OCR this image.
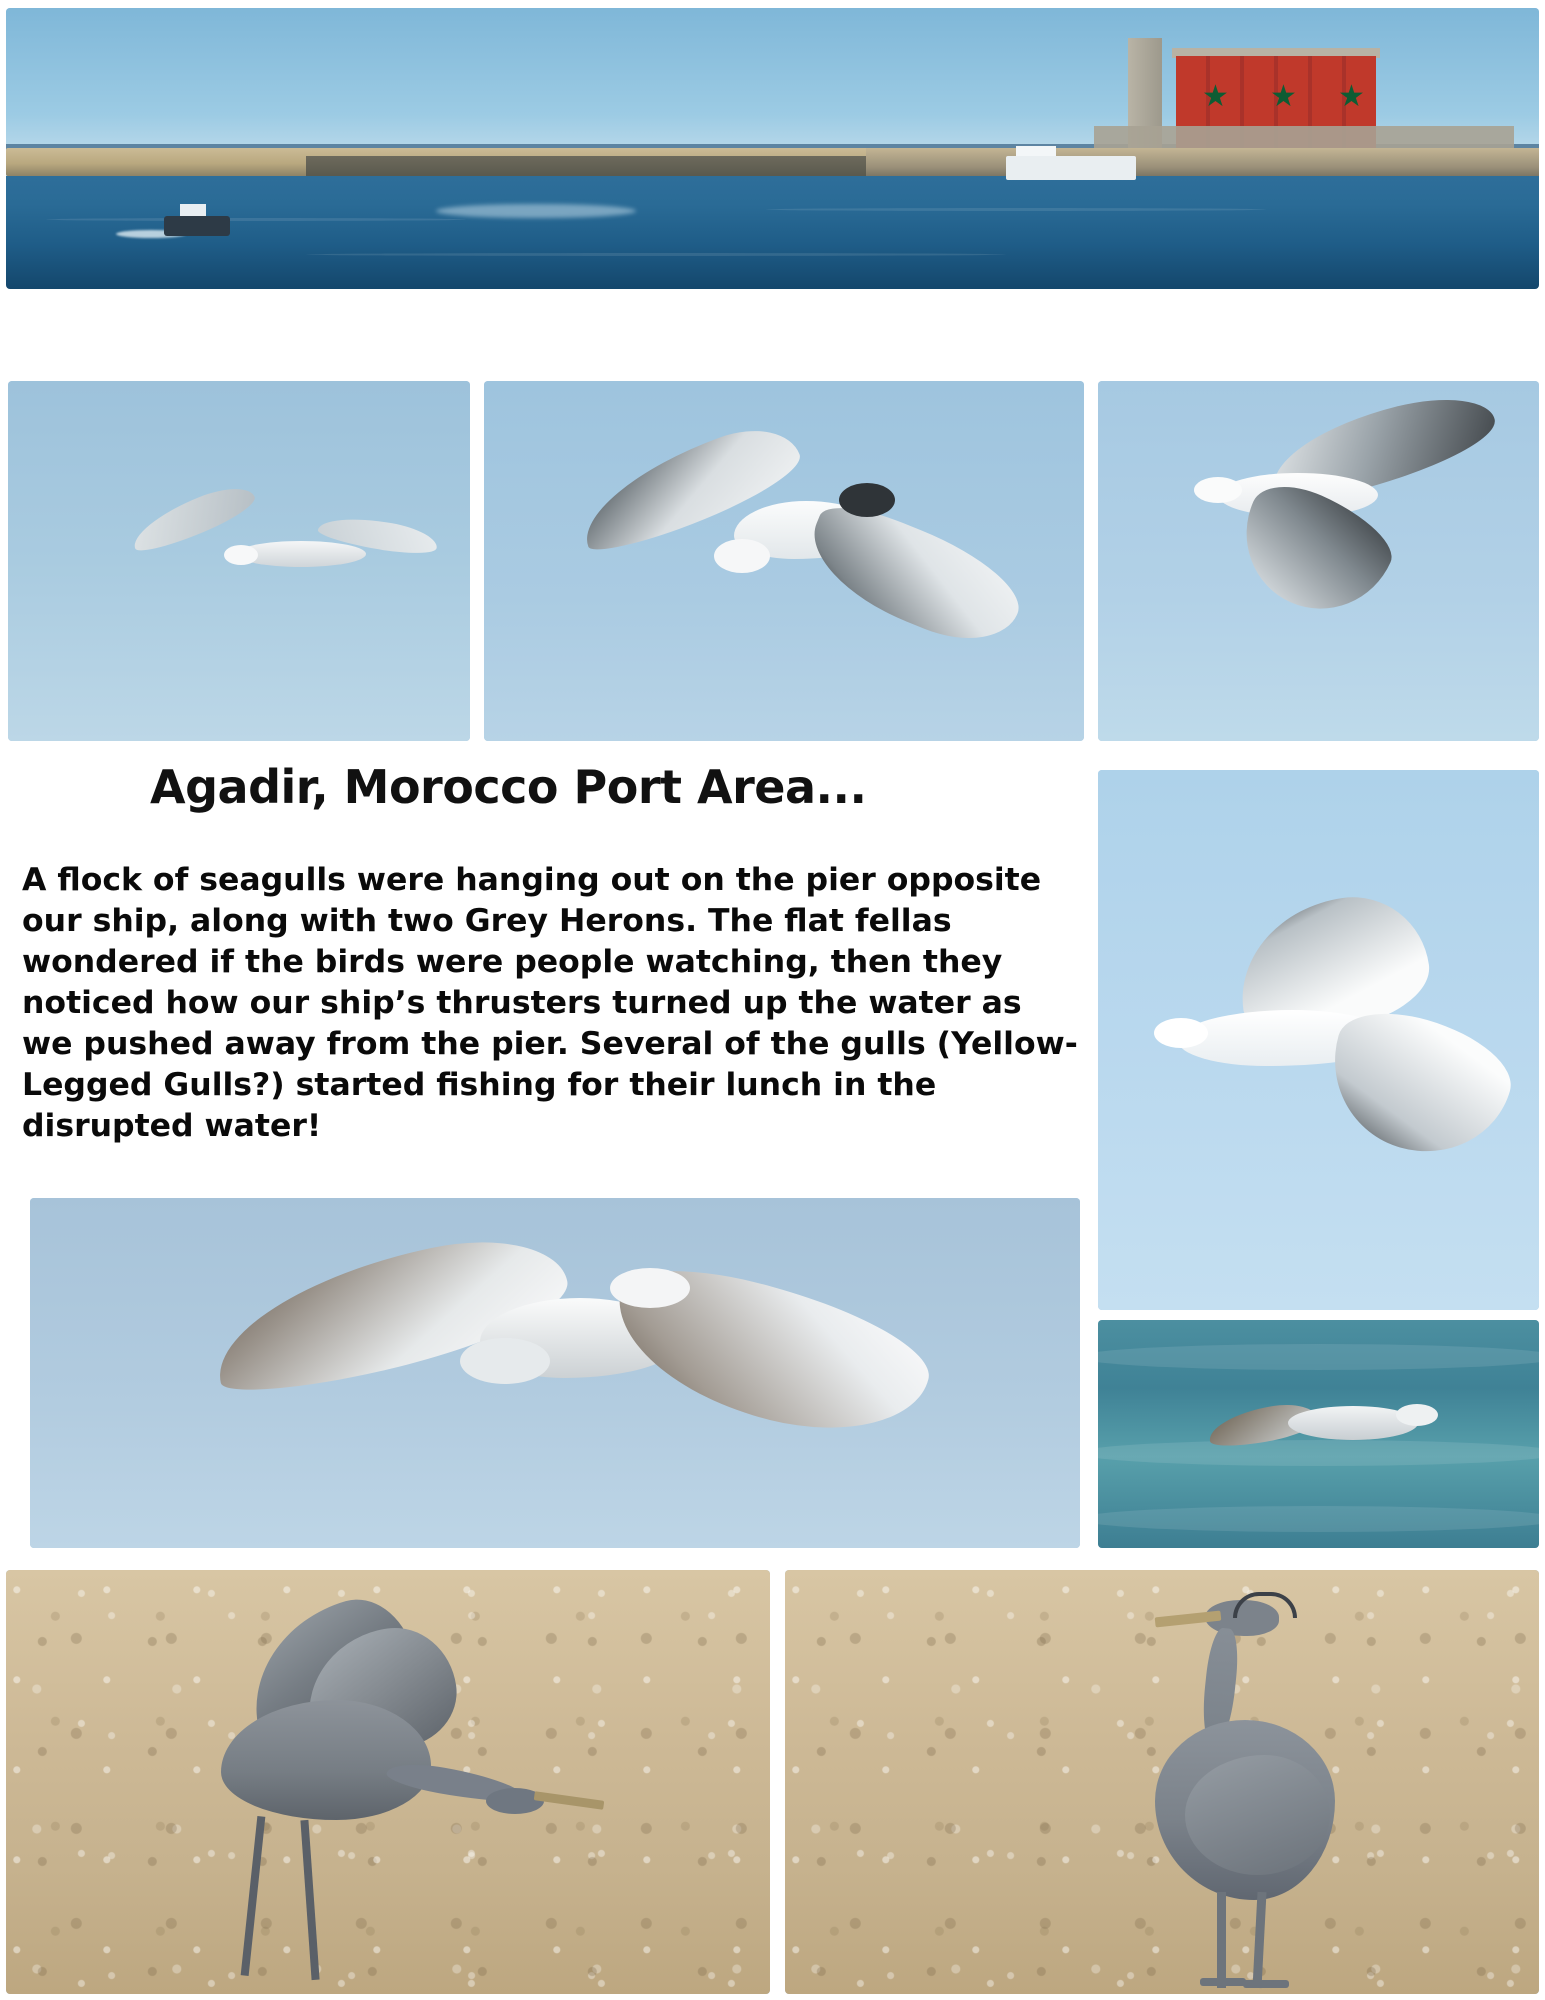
★ ★ ★
Agadir, Morocco Port Area...
A flock of seagulls were hanging out on the pier opposite our ship, along with two Grey Herons. The flat fellas wondered if the birds were people watching, then they noticed how our ship’s thrusters turned up the water as we pushed away from the pier. Several of the gulls (Yellow-Legged Gulls?) started fishing for their lunch in the disrupted water!
